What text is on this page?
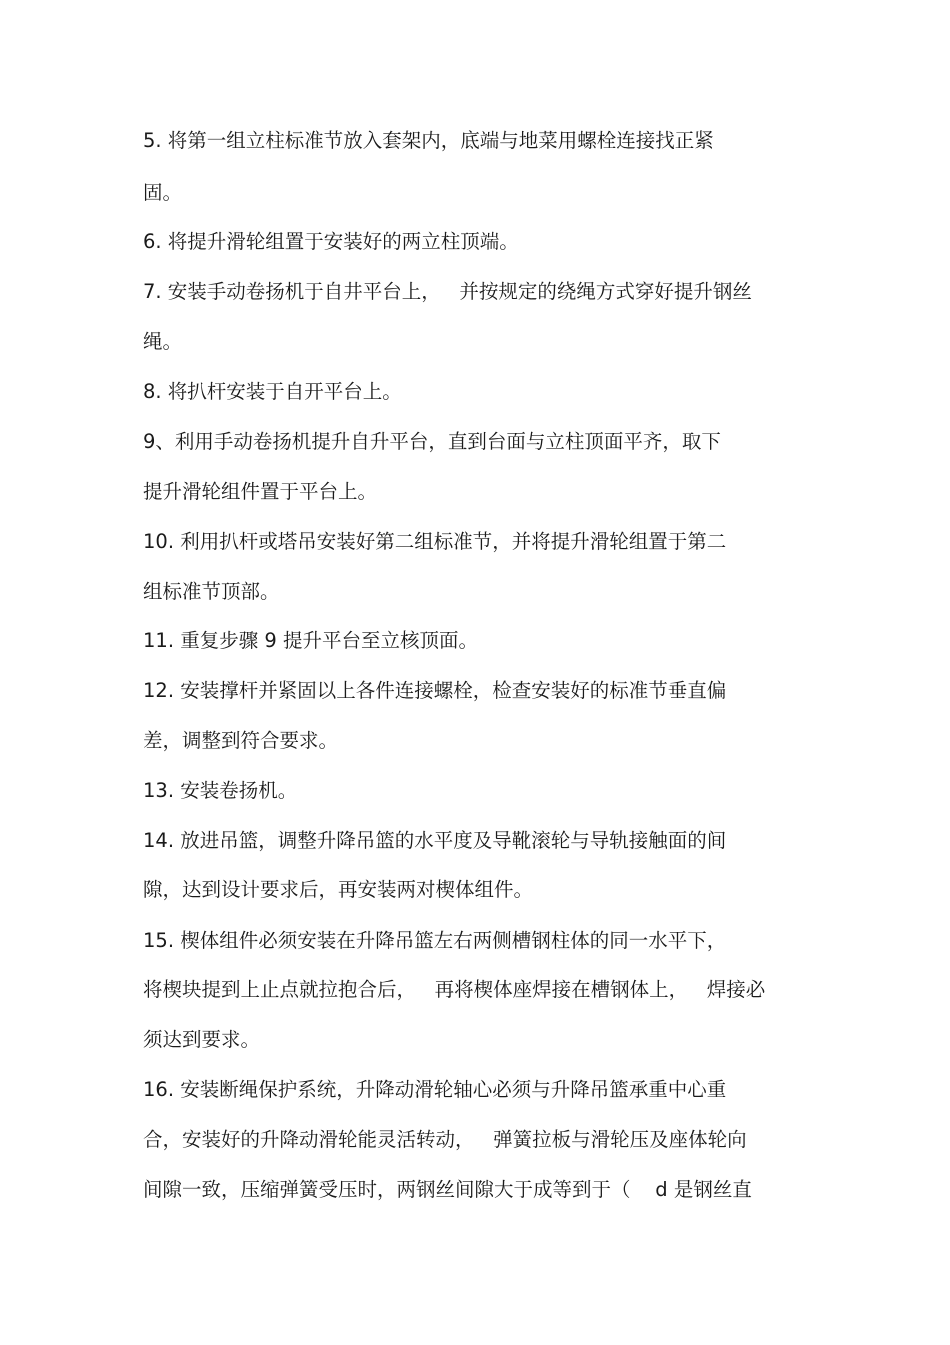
5. 将第一组立柱标准节放入套架内，底端与地菜用螺栓连接找正紧

固。

6. 将提升滑轮组置于安装好的两立柱顶端。

7. 安装手动卷扬机于自井平台上，   并按规定的绕绳方式穿好提升钢丝

绳。

8. 将扒杆安装于自开平台上。

9、利用手动卷扬机提升自升平台，直到台面与立柱顶面平齐，取下

提升滑轮组件置于平台上。

10. 利用扒杆或塔吊安装好第二组标准节，并将提升滑轮组置于第二

组标准节顶部。

11. 重复步骤 9 提升平台至立核顶面。

12. 安装撑杆并紧固以上各件连接螺栓，检查安装好的标准节垂直偏

差，调整到符合要求。

13. 安装卷扬机。

14. 放进吊篮，调整升降吊篮的水平度及导靴滚轮与导轨接触面的间

隙，达到设计要求后，再安装两对楔体组件。

15. 楔体组件必须安装在升降吊篮左右两侧槽钢柱体的同一水平下，

将楔块提到上止点就拉抱合后，   再将楔体座焊接在槽钢体上，   焊接必

须达到要求。

16. 安装断绳保护系统，升降动滑轮轴心必须与升降吊篮承重中心重

合，安装好的升降动滑轮能灵活转动，   弹簧拉板与滑轮压及座体轮向

间隙一致，压缩弹簧受压时，两钢丝间隙大于成等到于（    d 是钢丝直
